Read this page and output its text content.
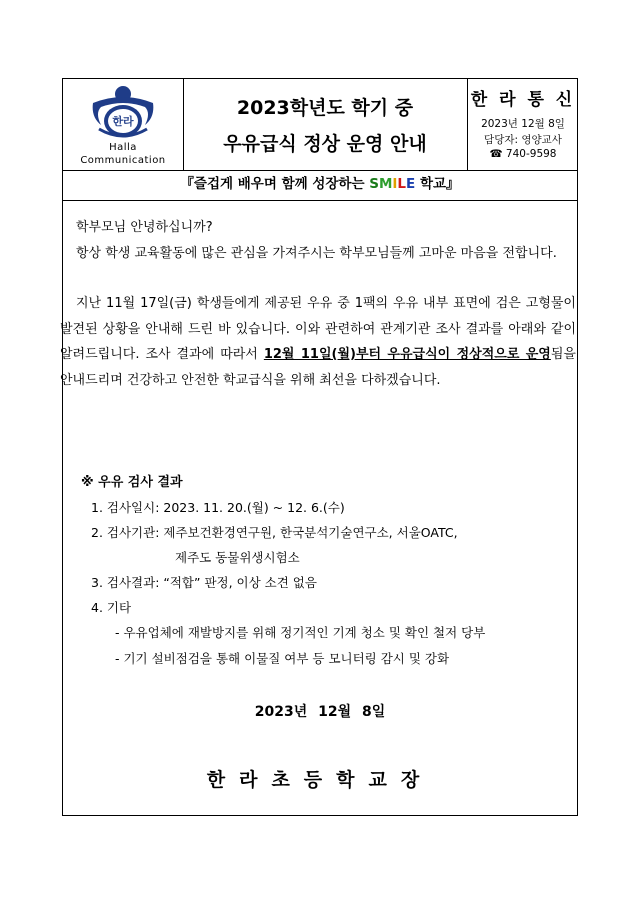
한라
Halla
Communication
2023학년도 학기 중
우유급식 정상 운영 안내
한 라 통 신
2023년 12월 8일
담당자: 영양교사
☎ 740-9598
『즐겁게 배우며 함께 성장하는 SMILE 학교』

학부모님 안녕하십니까?

항상 학생 교육활동에 많은 관심을 가져주시는 학부모님들께 고마운 마음을 전합니다.

지난 11월 17일(금) 학생들에게 제공된 우유 중 1팩의 우유 내부 표면에 검은 고형물이 발견된 상황을 안내해 드린 바 있습니다. 이와 관련하여 관계기관 조사 결과를 아래와 같이 알려드립니다. 조사 결과에 따라서 12월 11일(월)부터 우유급식이 정상적으로 운영됨을 안내드리며 건강하고 안전한 학교급식을 위해 최선을 다하겠습니다.

※ 우유 검사 결과
1. 검사일시: 2023. 11. 20.(월) ~ 12. 6.(수)
2. 검사기관: 제주보건환경연구원, 한국분석기술연구소, 서울OATC,
제주도 동물위생시험소
3. 검사결과: “적합” 판정, 이상 소견 없음
4. 기타
- 우유업체에 재발방지를 위해 정기적인 기계 청소 및 확인 철저 당부
- 기기 설비점검을 통해 이물질 여부 등 모니터링 감시 및 강화
2023년 12월 8일
한라초등학교장
